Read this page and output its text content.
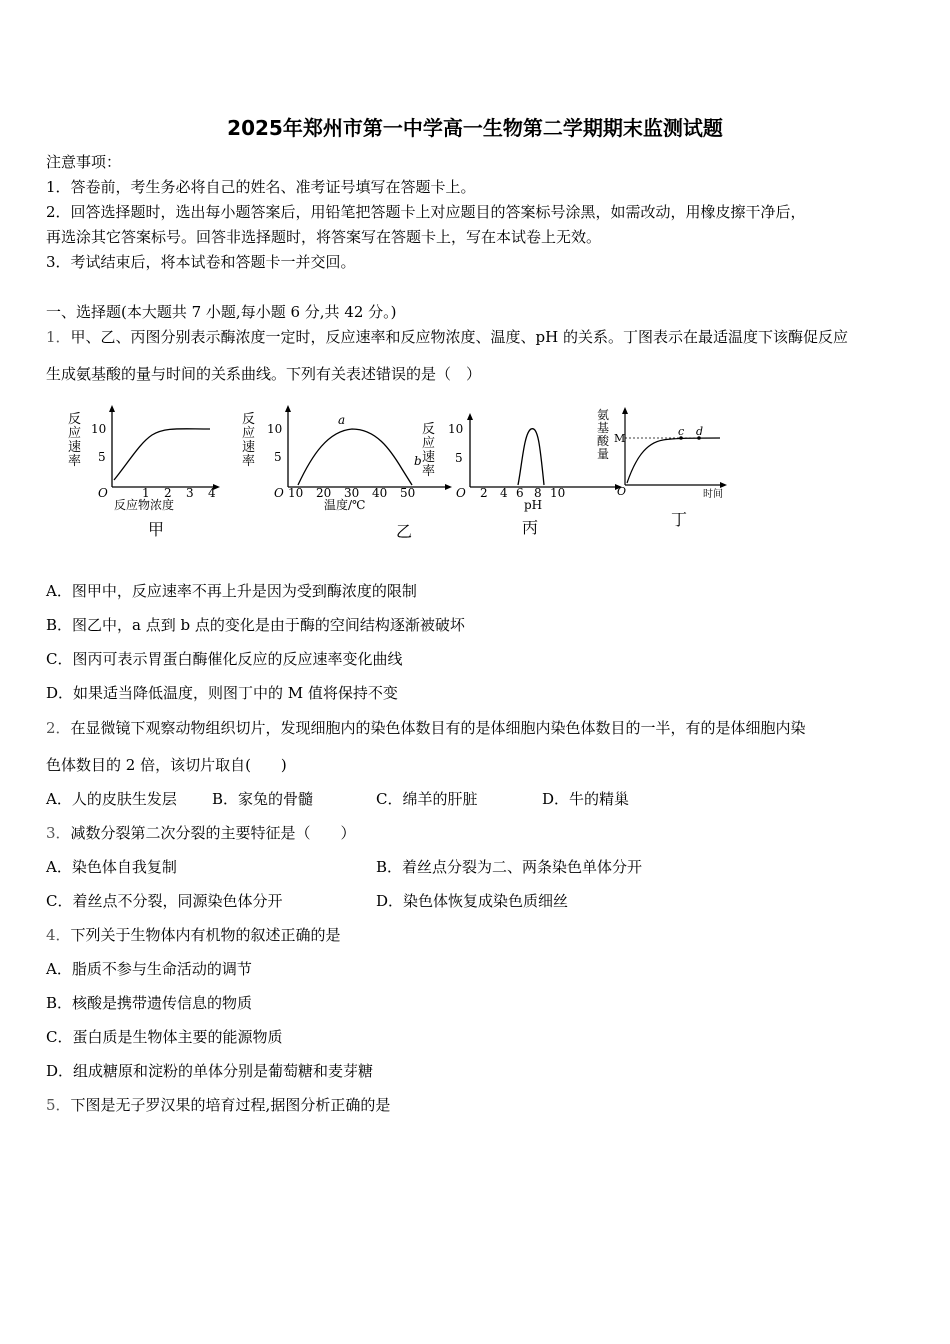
2025年郑州市第一中学高一生物第二学期期末监测试题
注意事项：
1．答卷前，考生务必将自己的姓名、准考证号填写在答题卡上。
2．回答选择题时，选出每小题答案后，用铅笔把答题卡上对应题目的答案标号涂黑，如需改动，用橡皮擦干净后，
再选涂其它答案标号。回答非选择题时，将答案写在答题卡上，写在本试卷上无效。
3．考试结束后，将本试卷和答题卡一并交回。
一、选择题(本大题共 7 小题,每小题 6 分,共 42 分。)
1．甲、乙、丙图分别表示酶浓度一定时，反应速率和反应物浓度、温度、pH 的关系。丁图表示在最适温度下该酶促反应
生成氨基酸的量与时间的关系曲线。下列有关表述错误的是（　）
反
应
速
率
10
5
O	1 2 3 4
反应物浓度
甲
反
应
速
率
10
5
O 10 20 30 40 50
温度/℃
a
b
乙
反
应
速
率
10
5
O 2 4 6 8 10
pH
丙
氨
基
酸
量
M
O
c d
时间
丁
A．图甲中，反应速率不再上升是因为受到酶浓度的限制
B．图乙中，a 点到 b 点的变化是由于酶的空间结构逐渐被破坏
C．图丙可表示胃蛋白酶催化反应的反应速率变化曲线
D．如果适当降低温度，则图丁中的 M 值将保持不变
2．在显微镜下观察动物组织切片，发现细胞内的染色体数目有的是体细胞内染色体数目的一半，有的是体细胞内染
色体数目的 2 倍，该切片取自(　　)
A．人的皮肤生发层 B．家兔的骨髓	C．绵羊的肝脏	D．牛的精巢
3．减数分裂第二次分裂的主要特征是（　　）
A．染色体自我复制	B．着丝点分裂为二、两条染色单体分开
C．着丝点不分裂，同源染色体分开	D．染色体恢复成染色质细丝
4．下列关于生物体内有机物的叙述正确的是
A．脂质不参与生命活动的调节
B．核酸是携带遗传信息的物质
C．蛋白质是生物体主要的能源物质
D．组成糖原和淀粉的单体分别是葡萄糖和麦芽糖
5．下图是无子罗汉果的培育过程,据图分析正确的是
